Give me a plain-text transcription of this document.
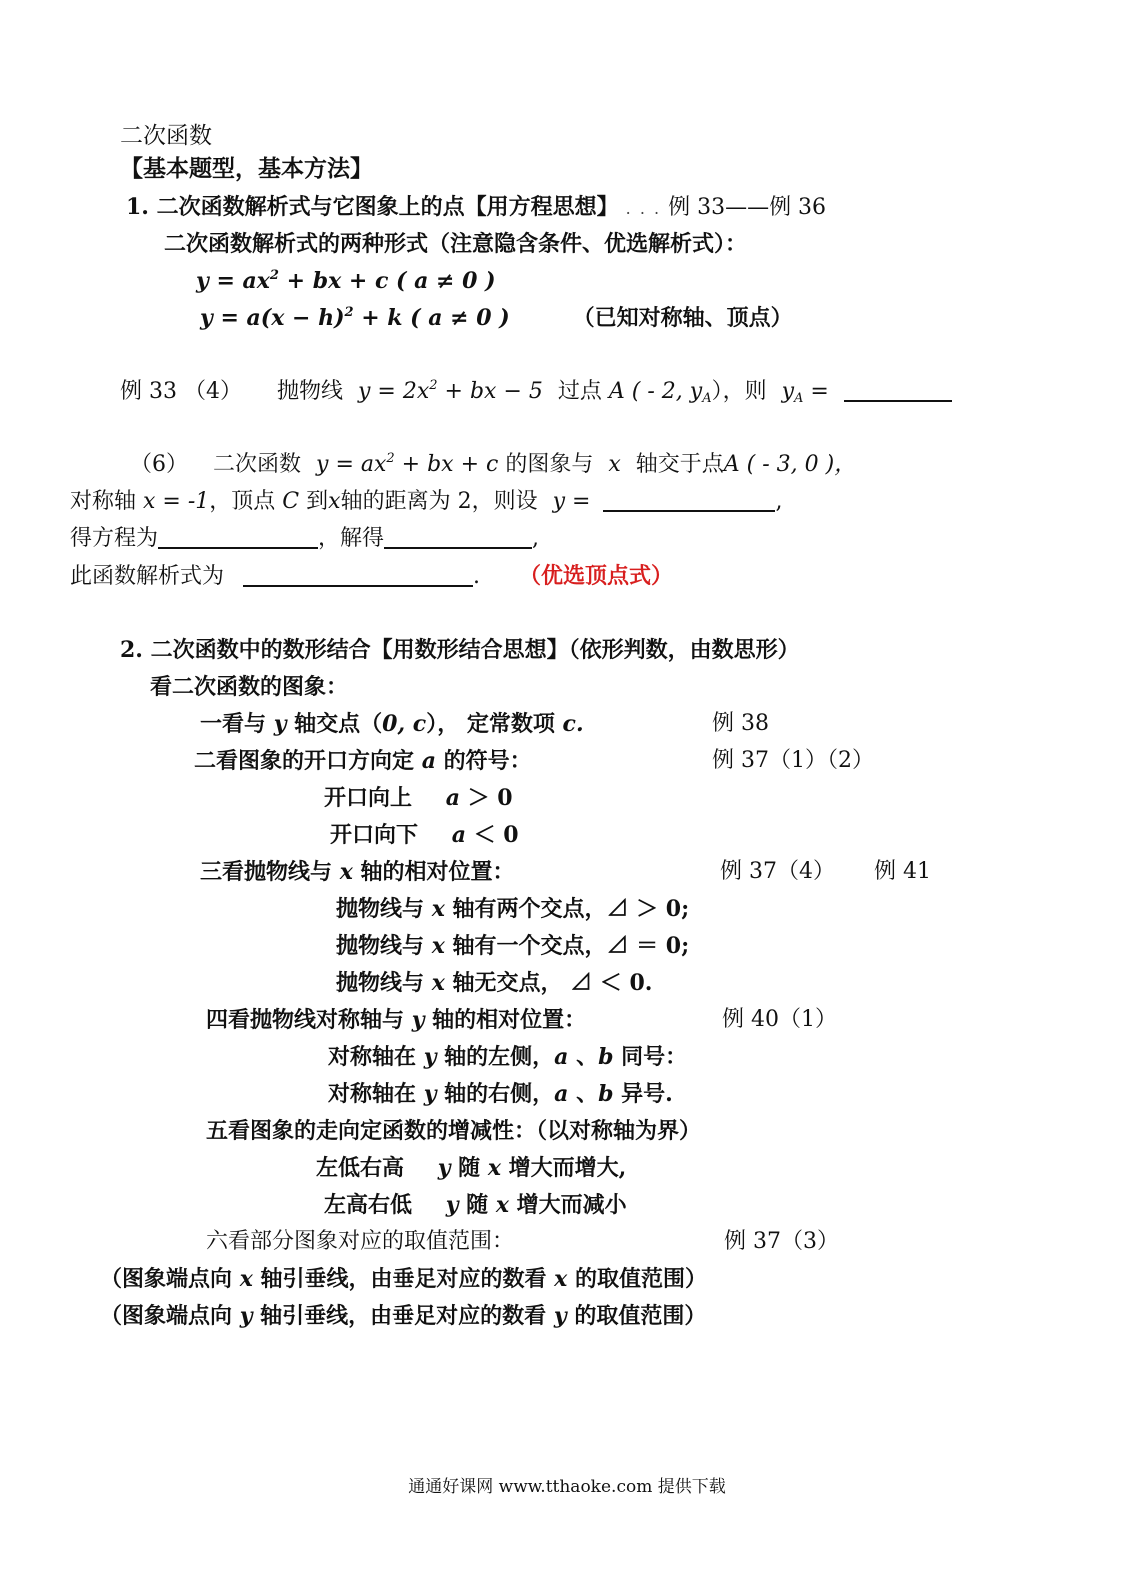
二次函数
【基本题型，基本方法】
1. 二次函数解析式与它图象上的点【用方程思想】 . . . 例 33——例 36
二次函数解析式的两种形式（注意隐含条件、优选解析式）：
$y = ax^2$ + bx + c ( a ≠ 0 )
$y = a(x - h)^2 + k$ ( a ≠ 0 )	（已知对称轴、顶点）
例 33 （4） 抛物线 $y = 2x^2$ + bx − 5 过点 A ( - 2, $y_A$），则 $y_A$ =
（6） 二次函数 $y = ax^2$ + bx + c 的图象与 x 轴交于点A ( - 3, 0 )，
对称轴 x = -1，顶点 C 到x轴的距离为 2，则设 y =	,
得方程为	，解得	,
此函数解析式为	. （优选顶点式）
2. 二次函数中的数形结合【用数形结合思想】（依形判数，由数思形）
看二次函数的图象：
一看与 y 轴交点（0, c）， 定常数项 c.	例 38
二看图象的开口方向定 a 的符号：	例 37（1）（2）
开口向上 a ＞ 0
开口向下 a ＜ 0
三看抛物线与 x 轴的相对位置：	例 37（4） 例 41
抛物线与 x 轴有两个交点，⊿ ＞ 0;
抛物线与 x 轴有一个交点，⊿ ＝ 0;
抛物线与 x 轴无交点， ⊿ ＜ 0.
四看抛物线对称轴与 y 轴的相对位置：	例 40（1）
对称轴在 y 轴的左侧，a 、b 同号：
对称轴在 y 轴的右侧，a 、b 异号.
五看图象的走向定函数的增减性：（以对称轴为界）
左低右高 y 随 x 增大而增大,
左高右低 y 随 x 增大而减小
六看部分图象对应的取值范围：	例 37（3）
（图象端点向 x 轴引垂线，由垂足对应的数看 x 的取值范围）
（图象端点向 y 轴引垂线，由垂足对应的数看 y 的取值范围）
通通好课网 www.tthaoke.com 提供下载
